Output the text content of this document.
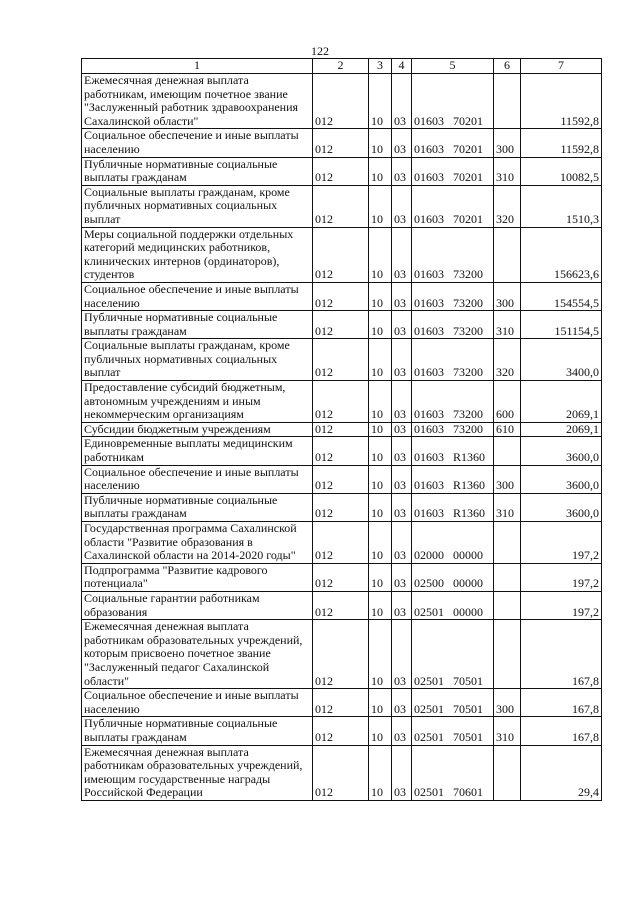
122
1	2	3	4	5	6	7
Ежемесячная денежная выплата работникам, имеющим почетное звание "Заслуженный работник здравоохранения Сахалинской области"	012	10	03	01603 70201		11592,8
Социальное обеспечение и иные выплаты населению	012	10	03	01603 70201	300	11592,8
Публичные нормативные социальные выплаты гражданам	012	10	03	01603 70201	310	10082,5
Социальные выплаты гражданам, кроме публичных нормативных социальных выплат	012	10	03	01603 70201	320	1510,3
Меры социальной поддержки отдельных категорий медицинских работников, клинических интернов (ординаторов), студентов	012	10	03	01603 73200		156623,6
Социальное обеспечение и иные выплаты населению	012	10	03	01603 73200	300	154554,5
Публичные нормативные социальные выплаты гражданам	012	10	03	01603 73200	310	151154,5
Социальные выплаты гражданам, кроме публичных нормативных социальных выплат	012	10	03	01603 73200	320	3400,0
Предоставление субсидий бюджетным, автономным учреждениям и иным некоммерческим организациям	012	10	03	01603 73200	600	2069,1
Субсидии бюджетным учреждениям	012	10	03	01603 73200	610	2069,1
Единовременные выплаты медицинским работникам	012	10	03	01603 R1360		3600,0
Социальное обеспечение и иные выплаты населению	012	10	03	01603 R1360	300	3600,0
Публичные нормативные социальные выплаты гражданам	012	10	03	01603 R1360	310	3600,0
Государственная программа Сахалинской области "Развитие образования в Сахалинской области на 2014-2020 годы"	012	10	03	02000 00000		197,2
Подпрограмма "Развитие кадрового потенциала"	012	10	03	02500 00000		197,2
Социальные гарантии работникам образования	012	10	03	02501 00000		197,2
Ежемесячная денежная выплата работникам образовательных учреждений, которым присвоено почетное звание "Заслуженный педагог Сахалинской области"	012	10	03	02501 70501		167,8
Социальное обеспечение и иные выплаты населению	012	10	03	02501 70501	300	167,8
Публичные нормативные социальные выплаты гражданам	012	10	03	02501 70501	310	167,8
Ежемесячная денежная выплата работникам образовательных учреждений, имеющим государственные награды Российской Федерации	012	10	03	02501 70601		29,4
